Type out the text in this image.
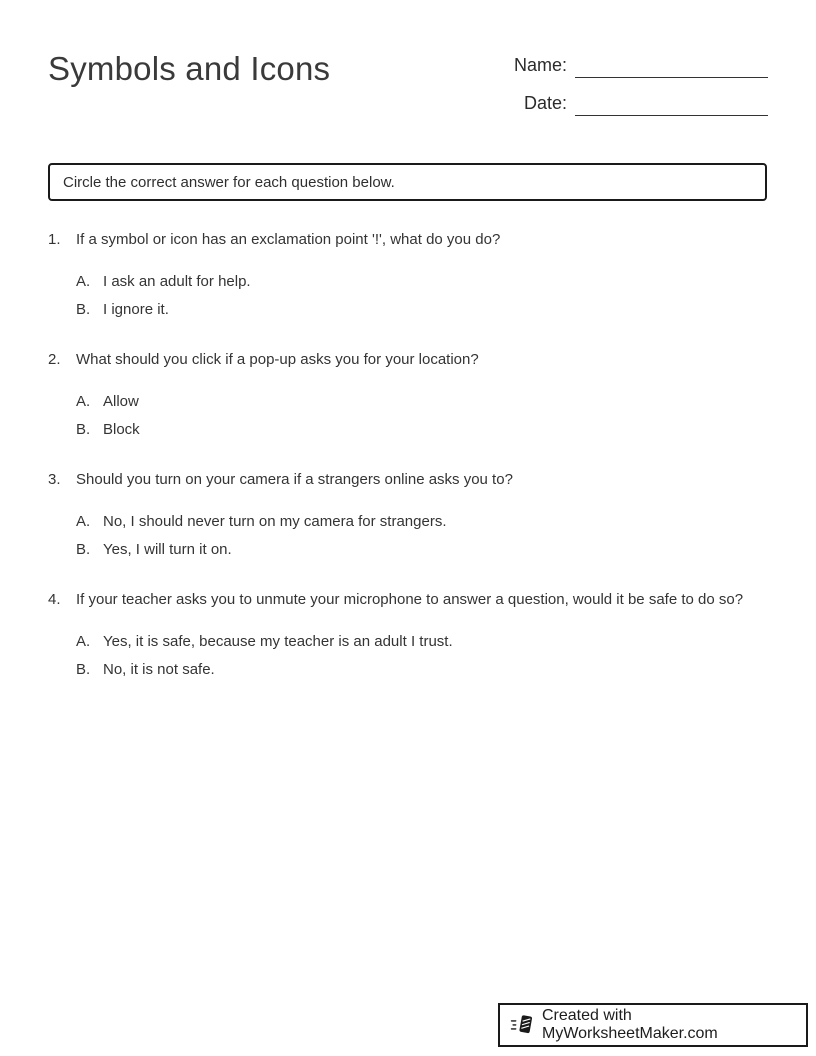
Symbols and Icons	Name:
Date:
Circle the correct answer for each question below.
1.	If a symbol or icon has an exclamation point '!', what do you do?
A. I ask an adult for help.
B. I ignore it.
2.	What should you click if a pop-up asks you for your location?
A. Allow
B. Block
3.	Should you turn on your camera if a strangers online asks you to?
A. No, I should never turn on my camera for strangers.
B. Yes, I will turn it on.
4.	If your teacher asks you to unmute your microphone to answer a question, would it be safe to do so?
A. Yes, it is safe, because my teacher is an adult I trust.
B. No, it is not safe.
Created with MyWorksheetMaker.com
